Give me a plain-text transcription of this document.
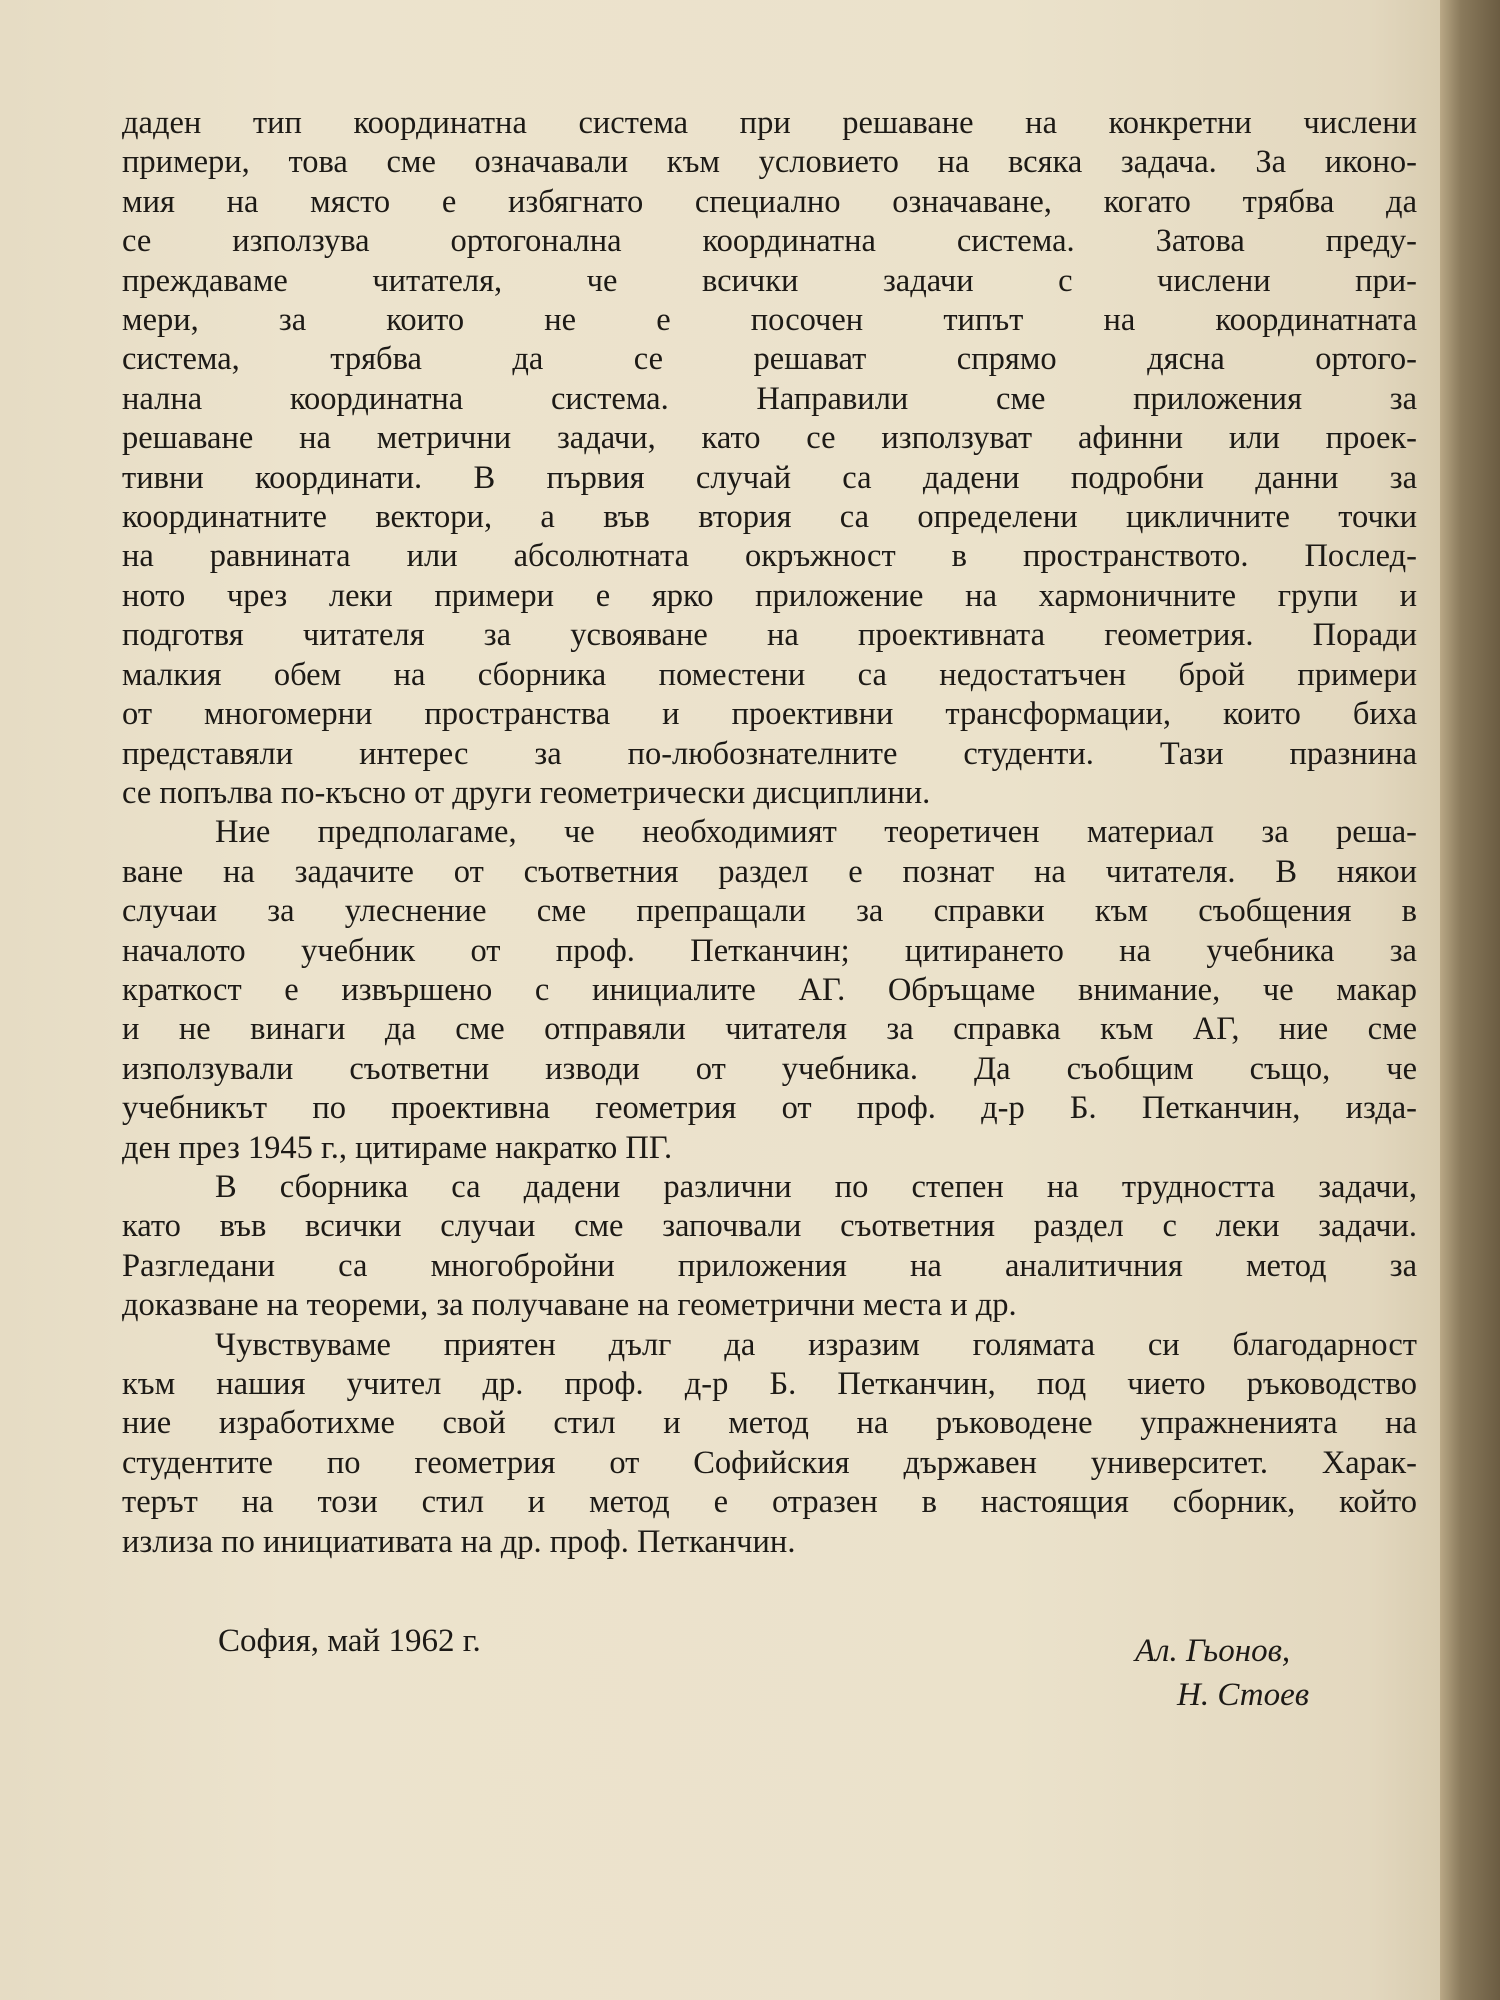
даден тип координатна система при решаване на конкретни числени
примери, това сме означавали към условието на всяка задача. За иконо-
мия на място е избягнато специално означаване, когато трябва да
се използува ортогонална координатна система. Затова преду-
преждаваме читателя, че всички задачи с числени при-
мери, за които не е посочен типът на координатната
система, трябва да се решават спрямо дясна ортого-
нална координатна система. Направили сме приложения за
решаване на метрични задачи, като се използуват афинни или проек-
тивни координати. В първия случай са дадени подробни данни за
координатните вектори, а във втория са определени цикличните точки
на равнината или абсолютната окръжност в пространството. Послед-
ното чрез леки примери е ярко приложение на хармоничните групи и
подготвя читателя за усвояване на проективната геометрия. Поради
малкия обем на сборника поместени са недостатъчен брой примери
от многомерни пространства и проективни трансформации, които биха
представяли интерес за по-любознателните студенти. Тази празнина
се попълва по-късно от други геометрически дисциплини.
Ние предполагаме, че необходимият теоретичен материал за реша-
ване на задачите от съответния раздел е познат на читателя. В някои
случаи за улеснение сме препращали за справки към съобщения в
началото учебник от проф. Петканчин; цитирането на учебника за
краткост е извършено с инициалите АГ. Обръщаме внимание, че макар
и не винаги да сме отправяли читателя за справка към АГ, ние сме
използували съответни изводи от учебника. Да съобщим също, че
учебникът по проективна геометрия от проф. д-р Б. Петканчин, изда-
ден през 1945 г., цитираме накратко ПГ.
В сборника са дадени различни по степен на трудността задачи,
като във всички случаи сме започвали съответния раздел с леки задачи.
Разгледани са многобройни приложения на аналитичния метод за
доказване на теореми, за получаване на геометрични места и др.
Чувствуваме приятен дълг да изразим голямата си благодарност
към нашия учител др. проф. д-р Б. Петканчин, под чието ръководство
ние изработихме свой стил и метод на ръководене упражненията на
студентите по геометрия от Софийския държавен университет. Харак-
терът на този стил и метод е отразен в настоящия сборник, който
излиза по инициативата на др. проф. Петканчин.
София, май 1962 г.	Ал. Гьонов,
Н. Стоев
